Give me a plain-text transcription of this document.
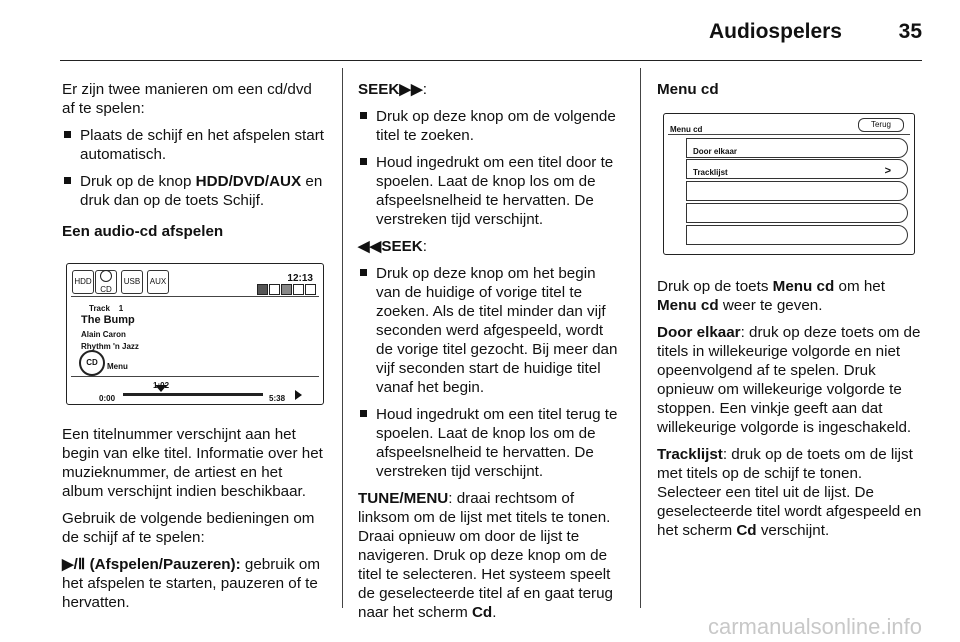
Audiospelers	35

Er zijn twee manieren om een cd/dvd af te spelen:

Plaats de schijf en het afspelen start automatisch.
Druk op de knop HDD/DVD/AUX en druk dan op de toets Schijf.

Een audio-cd afspelen

HDD
CD
USB	AUX	12:13
Track 1
The Bump
Alain Caron
Rhythm 'n Jazz
CD	Menu
1:02
0:00	5:38

Een titelnummer verschijnt aan het begin van elke titel. Informatie over het muzieknummer, de artiest en het album verschijnt indien beschikbaar.

Gebruik de volgende bedieningen om de schijf af te spelen:

▶/Ⅱ (Afspelen/Pauzeren): gebruik om het afspelen te starten, pauzeren of te hervatten.

SEEK▶▶:

Druk op deze knop om de volgende titel te zoeken.
Houd ingedrukt om een titel door te spoelen. Laat de knop los om de afspeelsnelheid te hervatten. De verstreken tijd verschijnt.

◀◀SEEK:

Druk op deze knop om het begin van de huidige of vorige titel te zoeken. Als de titel minder dan vijf seconden werd afgespeeld, wordt de vorige titel gezocht. Bij meer dan vijf seconden start de huidige titel vanaf het begin.
Houd ingedrukt om een titel terug te spoelen. Laat de knop los om de afspeelsnelheid te hervatten. De verstreken tijd verschijnt.

TUNE/MENU: draai rechtsom of linksom om de lijst met titels te tonen. Draai opnieuw om door de lijst te navigeren. Druk op deze knop om de titel te selecteren. Het systeem speelt de geselecteerde titel af en gaat terug naar het scherm Cd.

Menu cd

Menu cd
Terug
Door elkaar
Tracklijst	>

Druk op de toets Menu cd om het Menu cd weer te geven.

Door elkaar: druk op deze toets om de titels in willekeurige volgorde en niet opeenvolgend af te spelen. Druk opnieuw om willekeurige volgorde te stoppen. Een vinkje geeft aan dat willekeurige volgorde is ingeschakeld.

Tracklijst: druk op de toets om de lijst met titels op de schijf te tonen. Selecteer een titel uit de lijst. De geselecteerde titel wordt afgespeeld en het scherm Cd verschijnt.

carmanualsonline.info
